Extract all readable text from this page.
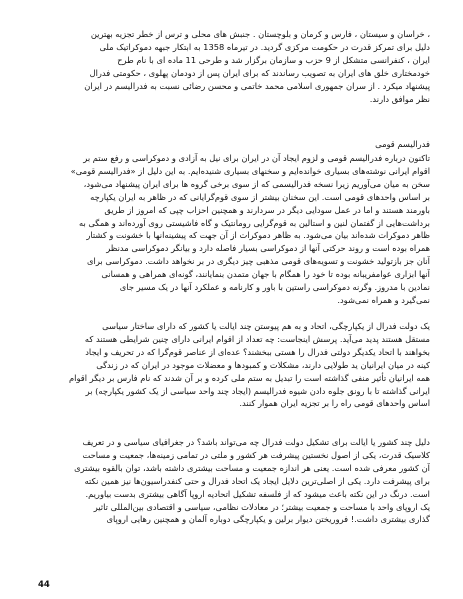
، خراسان و سیستان ، فارس و کرمان و بلوچستان . جنبش های محلی و ترس از خطر تجزیه بهترین
دلیل برای تمرکز قدرت در حکومت مرکزی گردید. در تیرماه 1358 به ابتکار جبهه دموکراتیک ملی
ایران ، کنفرانسی متشکل از 9 حزب و سازمان برگزار شد و طرحی 11 ماده ای با نام طرح
خودمختاری خلق های ایران به تصویب رساندند که برای ایران پس از دودمان پهلوی ، حکومتی فدرال
پیشنهاد میکرد . از سران جمهوری اسلامی محمد خاتمی و محسن رضائی نسبت به فدرالیسم در ایران
نظر موافق دارند.
فدرالیسم قومی
تاکنون درباره فدرالیسم قومی و لزوم ایجاد آن در ایران برای نیل به آزادی و دموکراسی و رفع ستم بر
اقوام ایرانی نوشته‌های بسیاری خوانده‌ایم و سخنهای بسیاری شنیده‌ایم. به این دلیل از «فدرالیسم قومی»
سخن به میان می‌آوریم زیرا نسخه فدرالیسمی که از سوی برخی گروه ها برای ایران پیشنهاد می‌شود،
بر اساس واحدهای قومی است. این سخنان بیشتر از سوی قوم‌گرایانی که در ظاهر به ایران یکپارچه
باورمند هستند و اما در عمل سودایی دیگر در سردارند و همچنین احزاب چپی که امروز از طریق
برداشت‌هایی از گفتمان لنین و استالین به قوم‌گرایی رومانتیک و گاه فاشیستی روی آورده‌اند و همگی به
ظاهر دموکرات شده‌اند بیان می‌شود. به ظاهر دموکرات از آن جهت که پیشینه‌انها با خشونت و کشتار
همراه بوده است و روند حرکتی آنها از دموکراسی بسیار فاصله دارد و بیانگر دموکراسی مدنظر
آنان جز بازتولید خشونت و تسویه‌های قومی مذهبی چیز دیگری در بر نخواهد داشت. دموکراسی برای
آنها ابزاری عوامفریبانه بوده تا خود را همگام با جهان متمدن بنمایانند، گونه‌ای همراهی و همسانی
نمادین با مدروز. وگرنه دموکراسی راستین با باور و کارنامه و عملکرد آنها در یک مسیر جای
نمی‌گیرد و همراه نمی‌شود.
یک دولت فدرال از یکپارچگی، اتحاد و به هم پیوستن چند ایالت یا کشور که دارای ساختار سیاسی
مستقل هستند پدید می‌آید. پرسش اینجاست: چه تعداد از اقوام ایرانی دارای چنین شرایطی هستند که
بخواهند با اتحاد یکدیگر دولتی فدرال را هستی ببخشند؟ عده‌ای از عناصر قوم‌گرا که در تحریف و ایجاد
کینه در میان ایرانیان ید طولایی دارند، مشکلات و کمبودها و معضلات موجود در ایران که در زندگی
همه ایرانیان تأثیر منفی گذاشته است را تبدیل به ستم ملی کرده و بر آن شدند که نام فارس بر دیگر اقوام
ایرانی گذاشته تا با رونق جلوه دادن شیوه فدرالیسم (ایجاد چند واحد سیاسی از یک کشور یکپارچه) بر
اساس واحدهای قومی راه را بر تجزیه ایران هموار کنند.
دلیل چند کشور یا ایالت برای تشکیل دولت فدرال چه می‌تواند باشد؟ در جغرافیای سیاسی و در تعریف
کلاسیک قدرت، یکی از اصول نخستین پیشرفت هر کشور و ملتی در تمامی زمینه‌ها، جمعیت و مساحت
آن کشور معرفی شده است. یعنی هر اندازه جمعیت و مساحت بیشتری داشته باشد، توان بالقوه بیشتری
برای پیشرفت دارد. یکی از اصلی‌ترین دلایل ایجاد یک اتحاد فدرال و حتی کنفدراسیون‌ها نیز همین نکته
است. درنگ در این نکته باعث میشود که از فلسفه تشکیل اتحادیه اروپا آگاهی بیشتری بدست بیاوریم.
یک اروپای واحد با مساحت و جمعیت بیشتر؛ در معادلات نظامی، سیاسی و اقتصادی بین‌المللی تاثیر
گذاری بیشتری داشت.! فروریختن دیوار برلین و یکپارچگی دوباره آلمان و همچنین رهایی اروپای
44
